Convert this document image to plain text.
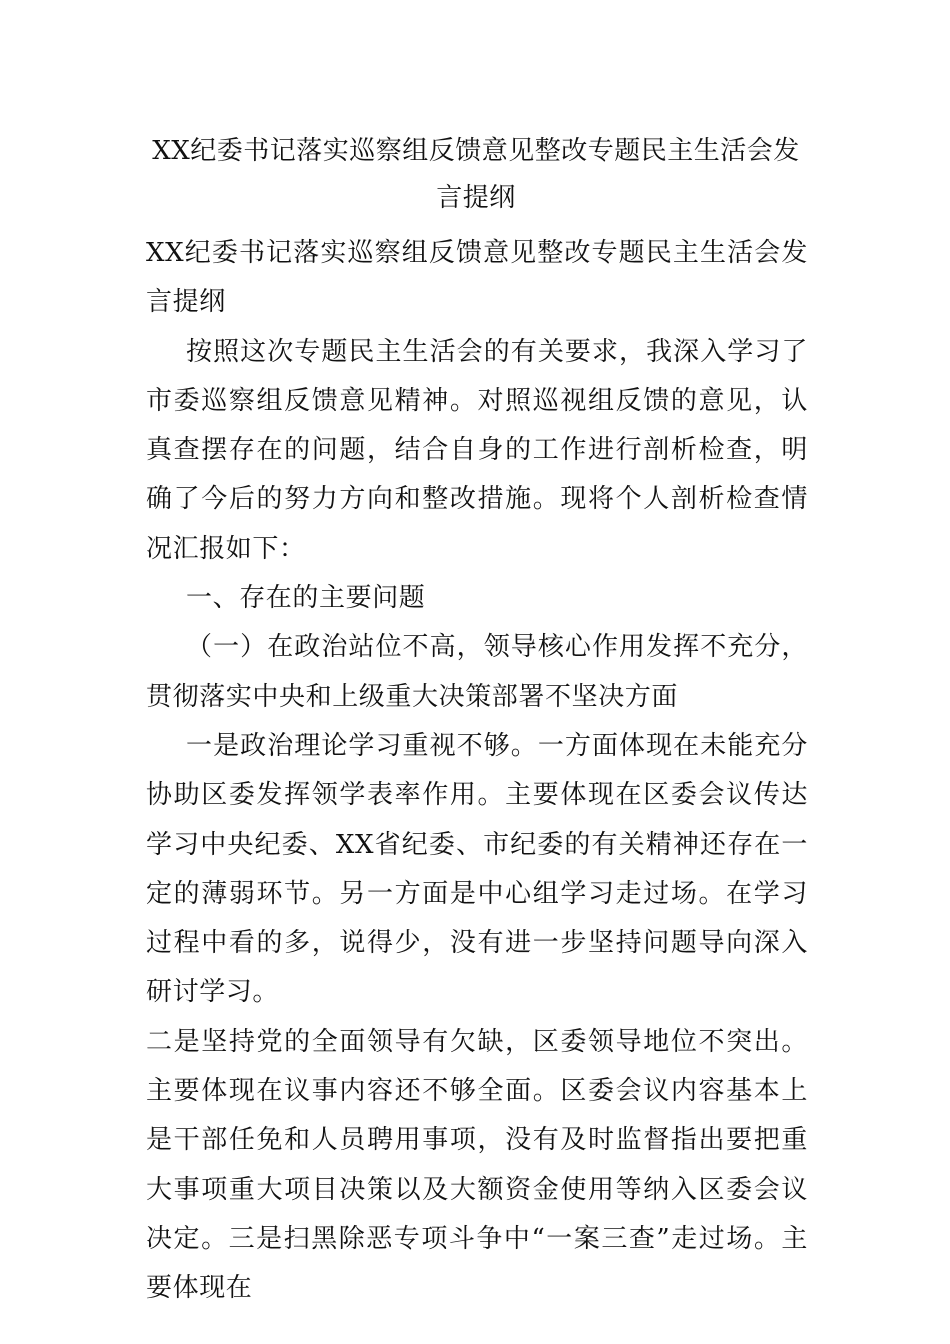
XX纪委书记落实巡察组反馈意见整改专题民主生活会发言提纲

XX纪委书记落实巡察组反馈意见整改专题民主生活会发言提纲

按照这次专题民主生活会的有关要求，我深入学习了市委巡察组反馈意见精神。对照巡视组反馈的意见，认真查摆存在的问题，结合自身的工作进行剖析检查，明确了今后的努力方向和整改措施。现将个人剖析检查情况汇报如下：

一、存在的主要问题

（一）在政治站位不高，领导核心作用发挥不充分，贯彻落实中央和上级重大决策部署不坚决方面

一是政治理论学习重视不够。一方面体现在未能充分协助区委发挥领学表率作用。主要体现在区委会议传达学习中央纪委、XX省纪委、市纪委的有关精神还存在一定的薄弱环节。另一方面是中心组学习走过场。在学习过程中看的多，说得少，没有进一步坚持问题导向深入研讨学习。

二是坚持党的全面领导有欠缺，区委领导地位不突出。主要体现在议事内容还不够全面。区委会议内容基本上是干部任免和人员聘用事项，没有及时监督指出要把重大事项重大项目决策以及大额资金使用等纳入区委会议决定。三是扫黑除恶专项斗争中“一案三查”走过场。主要体现在
